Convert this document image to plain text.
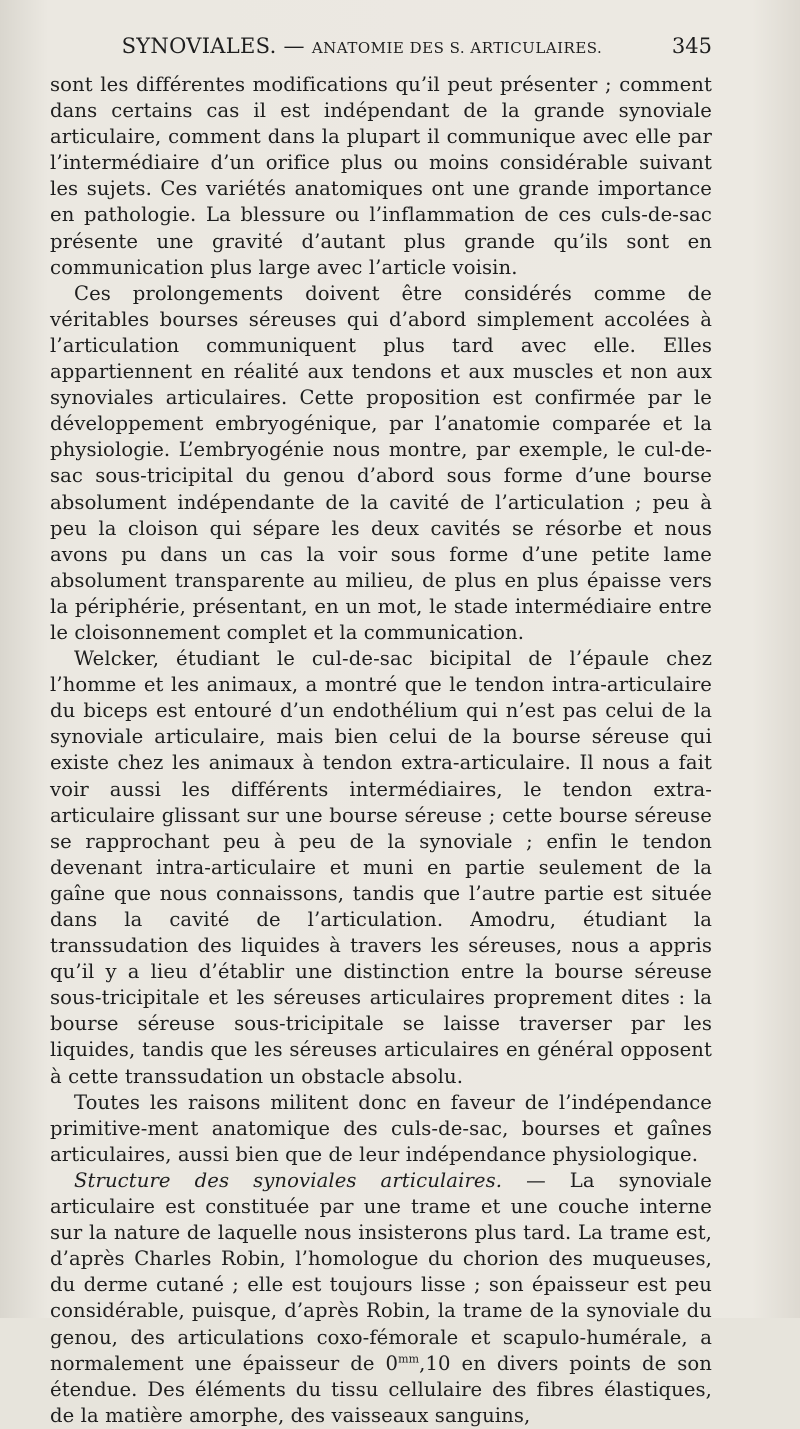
SYNOVIALES. — ANATOMIE DES S. ARTICULAIRES.	345

sont les différentes modifications qu’il peut présenter ; comment dans certains cas il est indépendant de la grande synoviale articulaire, comment dans la plupart il communique avec elle par l’intermédiaire d’un orifice plus ou moins considérable suivant les sujets. Ces variétés anatomiques ont une grande importance en pathologie. La blessure ou l’inflammation de ces culs-de-sac présente une gravité d’autant plus grande qu’ils sont en communication plus large avec l’article voisin.

Ces prolongements doivent être considérés comme de véritables bourses séreuses qui d’abord simplement accolées à l’articulation communiquent plus tard avec elle. Elles appartiennent en réalité aux tendons et aux muscles et non aux synoviales articulaires. Cette proposition est confirmée par le développement embryogénique, par l’anatomie comparée et la physiologie. L’embryogénie nous montre, par exemple, le cul-de-sac sous-tricipital du genou d’abord sous forme d’une bourse absolument indépendante de la cavité de l’articulation ; peu à peu la cloison qui sépare les deux cavités se résorbe et nous avons pu dans un cas la voir sous forme d’une petite lame absolument transparente au milieu, de plus en plus épaisse vers la périphérie, présentant, en un mot, le stade intermédiaire entre le cloisonnement complet et la communication.

Welcker, étudiant le cul-de-sac bicipital de l’épaule chez l’homme et les animaux, a montré que le tendon intra-articulaire du biceps est entouré d’un endothélium qui n’est pas celui de la synoviale articulaire, mais bien celui de la bourse séreuse qui existe chez les animaux à tendon extra-articulaire. Il nous a fait voir aussi les différents intermédiaires, le tendon extra-articulaire glissant sur une bourse séreuse ; cette bourse séreuse se rapprochant peu à peu de la synoviale ; enfin le tendon devenant intra-articulaire et muni en partie seulement de la gaîne que nous connaissons, tandis que l’autre partie est située dans la cavité de l’articulation. Amodru, étudiant la transsudation des liquides à travers les séreuses, nous a appris qu’il y a lieu d’établir une distinction entre la bourse séreuse sous-tricipitale et les séreuses articulaires proprement dites : la bourse séreuse sous-tricipitale se laisse traverser par les liquides, tandis que les séreuses articulaires en général opposent à cette transsudation un obstacle absolu.

Toutes les raisons militent donc en faveur de l’indépendance primitive-ment anatomique des culs-de-sac, bourses et gaînes articulaires, aussi bien que de leur indépendance physiologique.

Structure des synoviales articulaires. — La synoviale articulaire est constituée par une trame et une couche interne sur la nature de laquelle nous insisterons plus tard. La trame est, d’après Charles Robin, l’homologue du chorion des muqueuses, du derme cutané ; elle est toujours lisse ; son épaisseur est peu considérable, puisque, d’après Robin, la trame de la synoviale du genou, des articulations coxo-fémorale et scapulo-humérale, a normalement une épaisseur de $0^{mm},10$ en divers points de son étendue. Des éléments du tissu cellulaire des fibres élastiques, de la matière amorphe, des vaisseaux sanguins,
